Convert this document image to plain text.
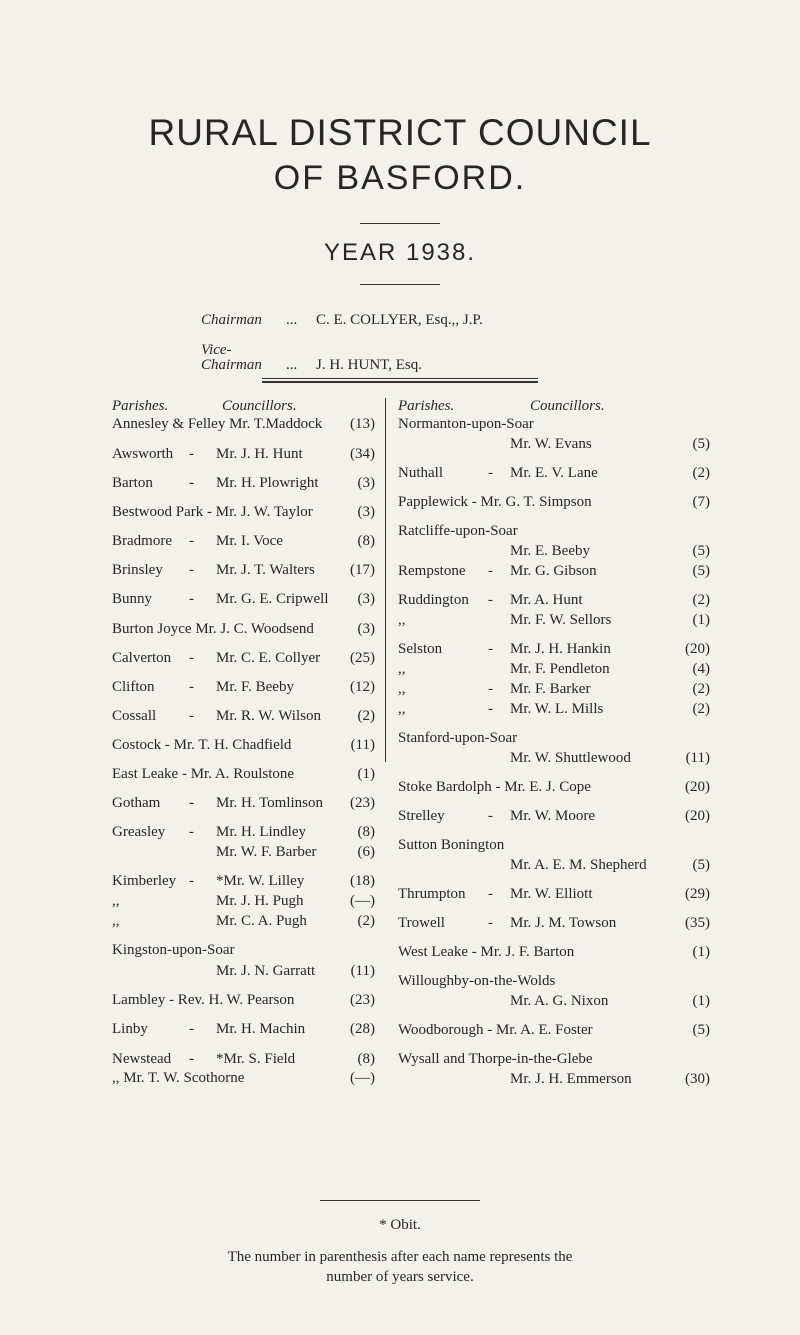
RURAL DISTRICT COUNCIL
OF BASFORD.
YEAR 1938.
Chairman ... C. E. COLLYER, Esq.,, J.P.
Vice-Chairman ... J. H. HUNT, Esq.
Parishes.	Councillors.
Annesley & Felley Mr. T.Maddock (13)
Awsworth - Mr. J. H. Hunt	(34)
Barton - Mr. H. Plowright	(3)
Bestwood Park - Mr. J. W. Taylor	(3)
Bradmore - Mr. I. Voce	(8)
Brinsley - Mr. J. T. Walters (17)
Bunny - Mr. G. E. Cripwell (3)
Burton Joyce Mr. J. C. Woodsend	(3)
Calverton - Mr. C. E. Collyer (25)
Clifton - Mr. F. Beeby	(12)
Cossall - Mr. R. W. Wilson (2)
Costock - Mr. T. H. Chadfield	(11)
East Leake - Mr. A. Roulstone	(1)
Gotham - Mr. H. Tomlinson (23)
Greasley - Mr. H. Lindley	(8)
Mr. W. F. Barber	(6)
Kimberley - *Mr. W. Lilley	(18)
,,	Mr. J. H. Pugh	(—)
,,	Mr. C. A. Pugh	(2)
Kingston-upon-Soar
Mr. J. N. Garratt (11)
Lambley - Rev. H. W. Pearson	(23)
Linby	- Mr. H. Machin	(28)
Newstead - *Mr. S. Field	(8)
,, Mr. T. W. Scothorne	(—)
Parishes.	Councillors.
Normanton-upon-Soar
Mr. W. Evans	(5)
Nuthall	- Mr. E. V. Lane	(2)
Papplewick - Mr. G. T. Simpson	(7)
Ratcliffe-upon-Soar
Mr. E. Beeby	(5)
Rempstone - Mr. G. Gibson	(5)
Ruddington - Mr. A. Hunt	(2)
,,	Mr. F. W. Sellors	(1)
Selston	- Mr. J. H. Hankin	(20)
,,	Mr. F. Pendleton	(4)
,,	- Mr. F. Barker	(2)
,,	- Mr. W. L. Mills	(2)
Stanford-upon-Soar
Mr. W. Shuttlewood	(11)
Stoke Bardolph - Mr. E. J. Cope	(20)
Strelley	- Mr. W. Moore	(20)
Sutton Bonington
Mr. A. E. M. Shepherd	(5)
Thrumpton - Mr. W. Elliott	(29)
Trowell	- Mr. J. M. Towson	(35)
West Leake - Mr. J. F. Barton	(1)
Willoughby-on-the-Wolds
Mr. A. G. Nixon	(1)
Woodborough - Mr. A. E. Foster	(5)
Wysall and Thorpe-in-the-Glebe
Mr. J. H. Emmerson	(30)
* Obit.
The number in parenthesis after each name represents the
number of years service.
